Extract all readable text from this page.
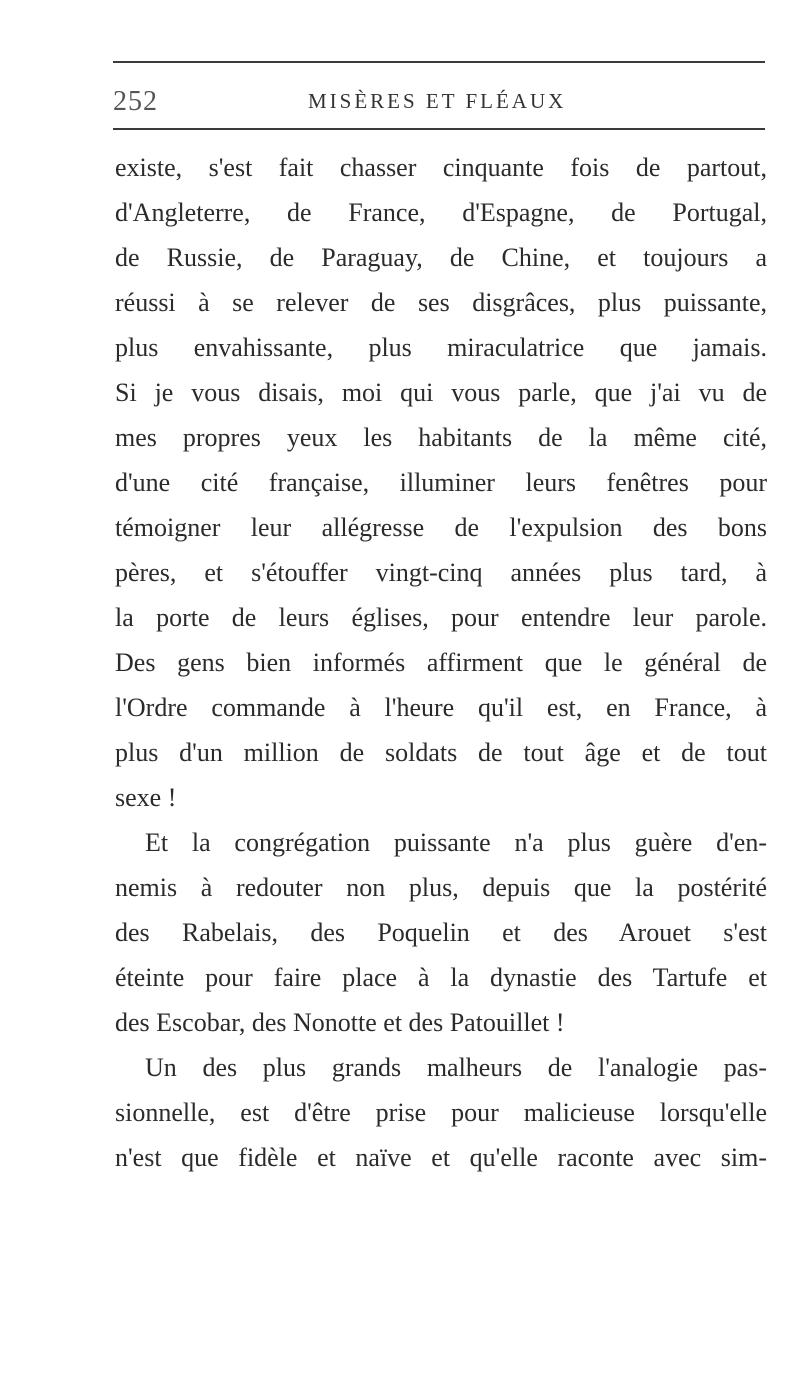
252	MISÈRES ET FLÉAUX
existe, s'est fait chasser cinquante fois de partout,
d'Angleterre, de France, d'Espagne, de Portugal,
de Russie, de Paraguay, de Chine, et toujours a
réussi à se relever de ses disgrâces, plus puissante,
plus envahissante, plus miraculatrice que jamais.
Si je vous disais, moi qui vous parle, que j'ai vu de
mes propres yeux les habitants de la même cité,
d'une cité française, illuminer leurs fenêtres pour
témoigner leur allégresse de l'expulsion des bons
pères, et s'étouffer vingt-cinq années plus tard, à
la porte de leurs églises, pour entendre leur parole.
Des gens bien informés affirment que le général de
l'Ordre commande à l'heure qu'il est, en France, à
plus d'un million de soldats de tout âge et de tout
sexe !
Et la congrégation puissante n'a plus guère d'en-
nemis à redouter non plus, depuis que la postérité
des Rabelais, des Poquelin et des Arouet s'est
éteinte pour faire place à la dynastie des Tartufe et
des Escobar, des Nonotte et des Patouillet !
Un des plus grands malheurs de l'analogie pas-
sionnelle, est d'être prise pour malicieuse lorsqu'elle
n'est que fidèle et naïve et qu'elle raconte avec sim-
